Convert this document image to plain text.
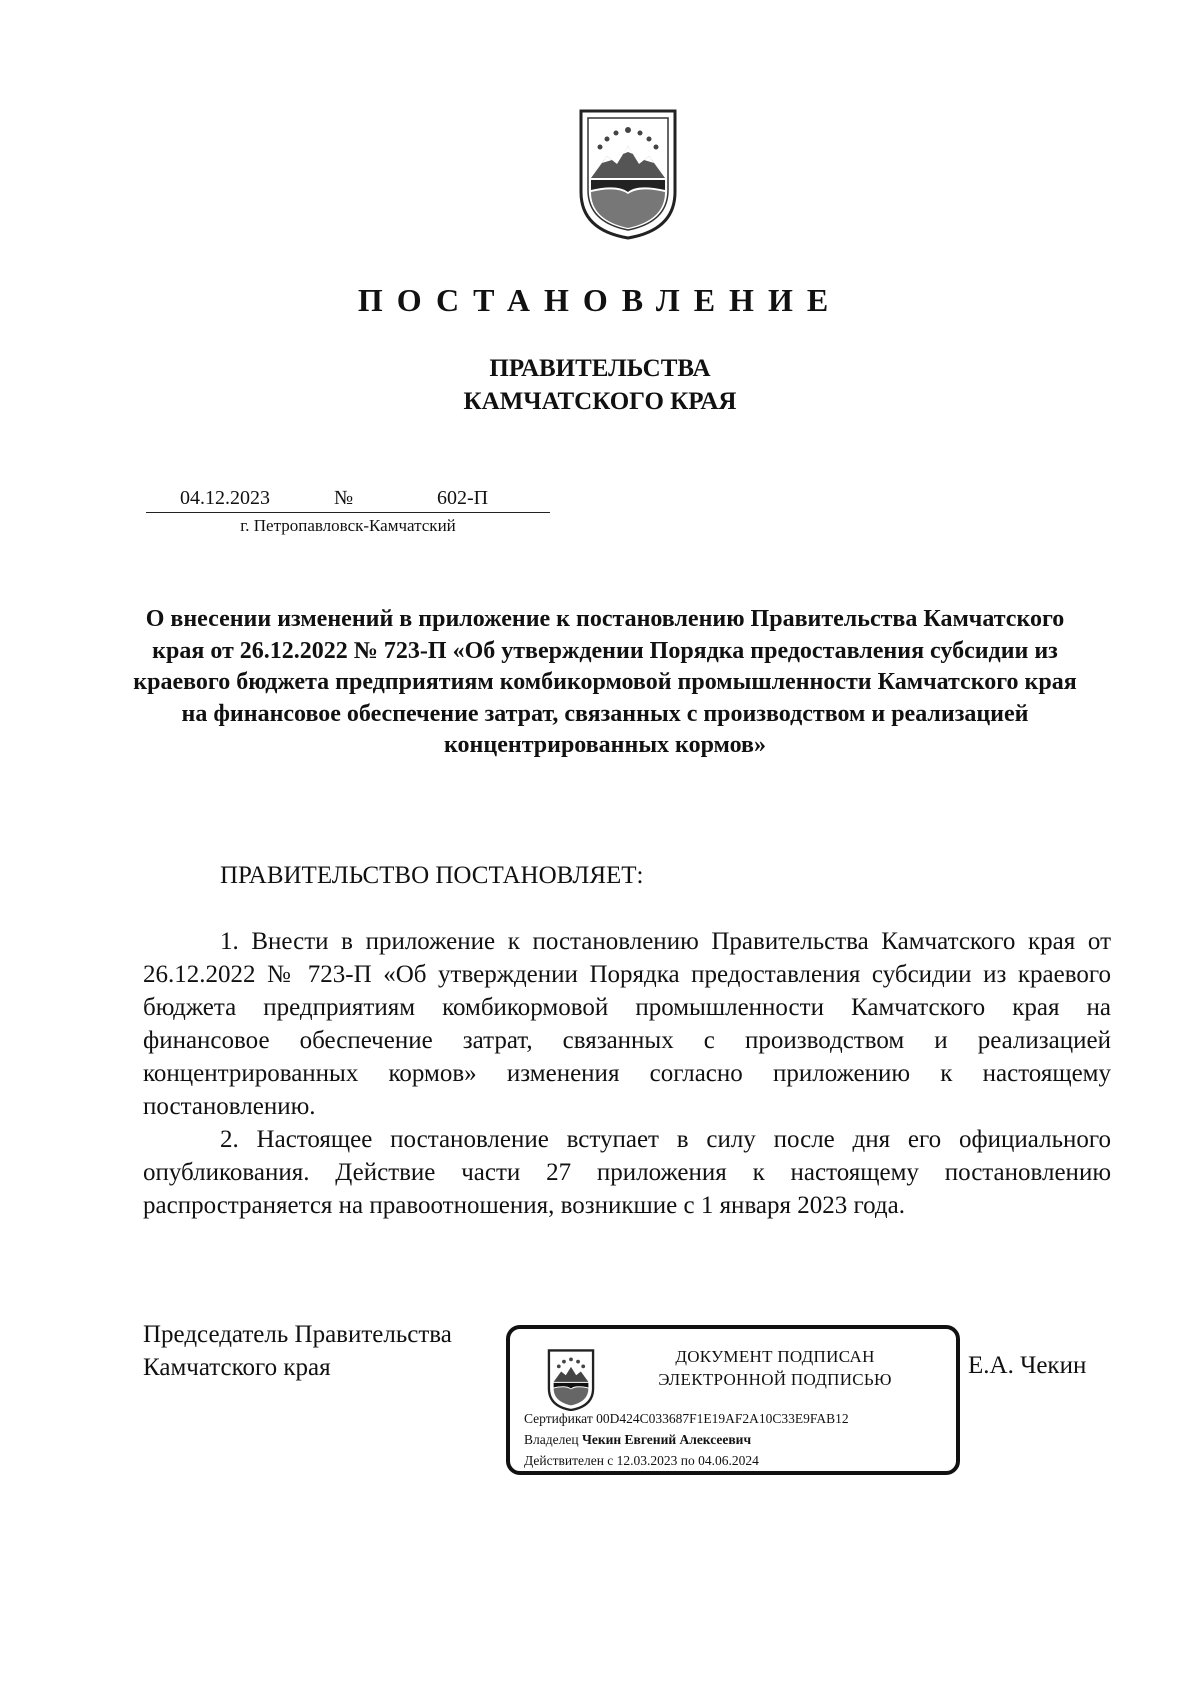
ПОСТАНОВЛЕНИЕ
ПРАВИТЕЛЬСТВА
КАМЧАТСКОГО КРАЯ
04.12.2023	№	602-П
г. Петропавловск-Камчатский
О внесении изменений в приложение к постановлению Правительства Камчатского края от 26.12.2022 № 723-П «Об утверждении Порядка предоставления субсидии из краевого бюджета предприятиям комбикормовой промышленности Камчатского края на финансовое обеспечение затрат, связанных с производством и реализацией концентрированных кормов»
ПРАВИТЕЛЬСТВО ПОСТАНОВЛЯЕТ:

1. Внести в приложение к постановлению Правительства Камчатского края от 26.12.2022 № 723-П «Об утверждении Порядка предоставления субсидии из краевого бюджета предприятиям комбикормовой промышленности Камчатского края на финансовое обеспечение затрат, связанных с производством и реализацией концентрированных кормов» изменения согласно приложению к настоящему постановлению.

2. Настоящее постановление вступает в силу после дня его официального опубликования. Действие части 27 приложения к настоящему постановлению распространяется на правоотношения, возникшие с 1 января 2023 года.

Председатель Правительства
Камчатского края	ДОКУМЕНТ ПОДПИСАН
ЭЛЕКТРОННОЙ ПОДПИСЬЮ
Сертификат 00D424C033687F1E19AF2A10C33E9FAB12
Владелец Чекин Евгений Алексеевич
Действителен с 12.03.2023 по 04.06.2024
Е.А. Чекин
